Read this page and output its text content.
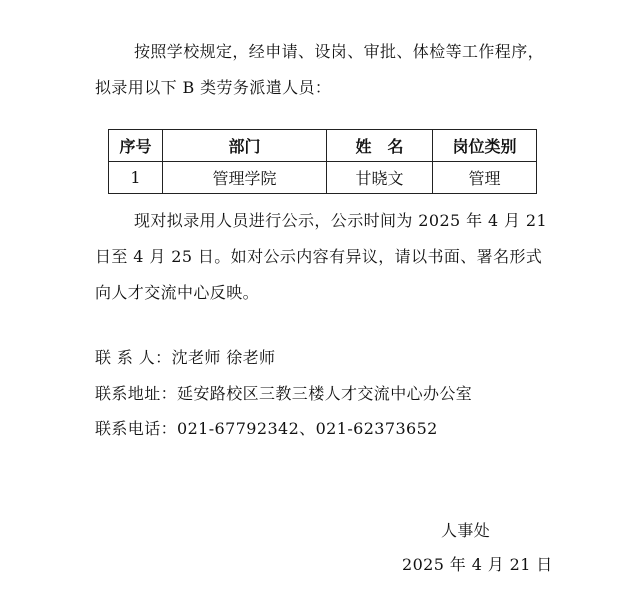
按照学校规定，经申请、设岗、审批、体检等工作程序，
拟录用以下 B 类劳务派遣人员：
序号	部门	姓　名	岗位类别
1	管理学院	甘晓文	管理
现对拟录用人员进行公示，公示时间为 2025 年 4 月 21
日至 4 月 25 日。如对公示内容有异议，请以书面、署名形式
向人才交流中心反映。
联 系 人：沈老师 徐老师
联系地址：延安路校区三教三楼人才交流中心办公室
联系电话：021-67792342、021-62373652
人事处
2025 年 4 月 21 日
